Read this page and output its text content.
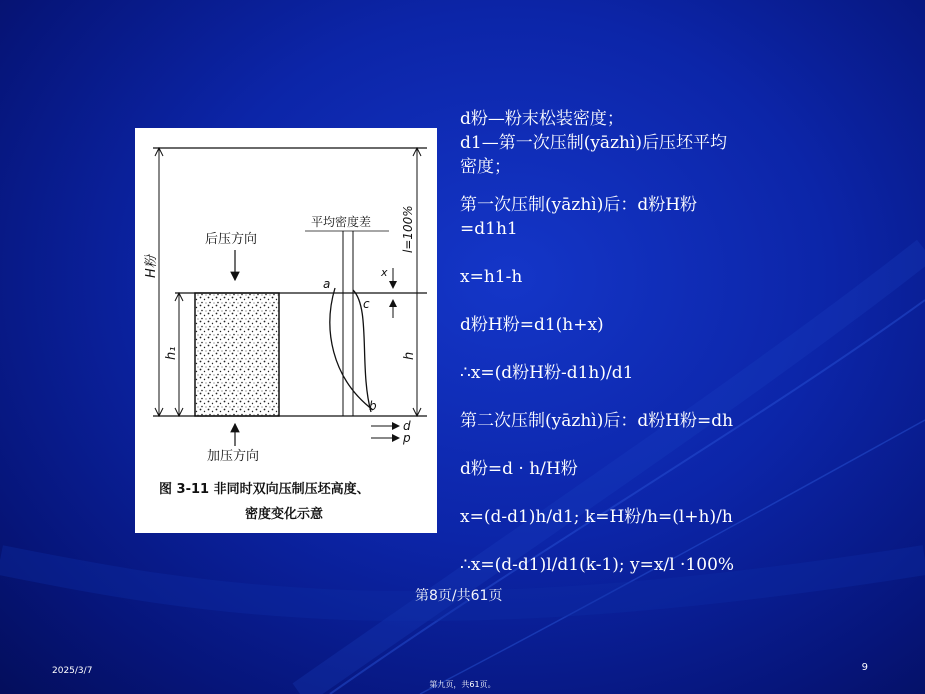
H粉
l=100%
h
h₁
后压方向
加压方向
平均密度差
a
b
c
x
d
p
图 3-11 非同时双向压制压坯高度、
密度变化示意
d粉—粉末松装密度；
d1—第一次压制(yāzhì)后压坯平均
密度；
第一次压制(yāzhì)后：d粉H粉
=d1h1
x=h1-h
d粉H粉=d1(h+x)
∴x=(d粉H粉-d1h)/d1
第二次压制(yāzhì)后：d粉H粉=dh
d粉=d · h/H粉
x=(d-d1)h/d1; k=H粉/h=(l+h)/h
∴x=(d-d1)l/d1(k-1); y=x/l ·100%
第8页/共61页
2025/3/7	9
第九页，共61页。
